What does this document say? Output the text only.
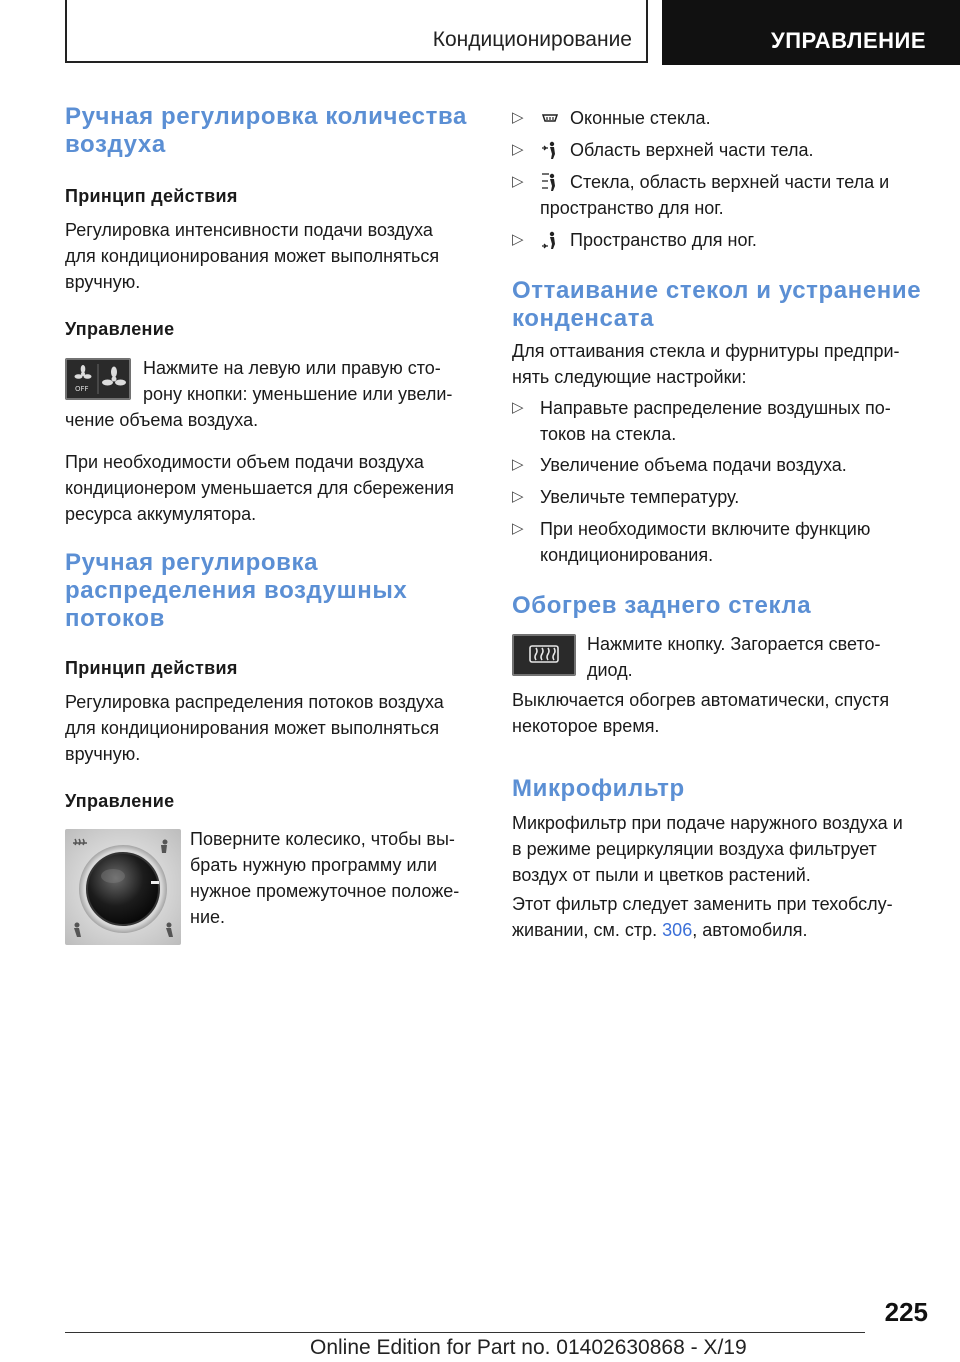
Кондиционирование	УПРАВЛЕНИЕ
Ручная регулировка количества
воздуха
Принцип действия

Регулировка интенсивности подачи воздуха
для кондиционирования может выполняться
вручную.

Управление
OFF

Нажмите на левую или правую сто-
рону кнопки: уменьшение или увели-

чение объема воздуха.

При необходимости объем подачи воздуха
кондиционером уменьшается для сбережения
ресурса аккумулятора.

Ручная регулировка
распределения воздушных
потоков
Принцип действия

Регулировка распределения потоков воздуха
для кондиционирования может выполняться
вручную.

Управление

Поверните колесико, чтобы вы-
брать нужную программу или
нужное промежуточное положе-
ние.

▷	Оконные стекла.
▷	Область верхней части тела.
▷	Стекла, область верхней части тела и
пространство для ног.
▷	Пространство для ног.
Оттаивание стекол и устранение
конденсата

Для оттаивания стекла и фурнитуры предпри-
нять следующие настройки:

▷ Направьте распределение воздушных по-
токов на стекла.
▷ Увеличение объема подачи воздуха.
▷ Увеличьте температуру.
▷ При необходимости включите функцию
кондиционирования.
Обогрев заднего стекла

Нажмите кнопку. Загорается свето-
диод.

Выключается обогрев автоматически, спустя
некоторое время.

Микрофильтр

Микрофильтр при подаче наружного воздуха и
в режиме рециркуляции воздуха фильтрует
воздух от пыли и цветков растений.

Этот фильтр следует заменить при техобслу-
живании, см. стр. 306, автомобиля.

225
Online Edition for Part no. 01402630868 - X/19
